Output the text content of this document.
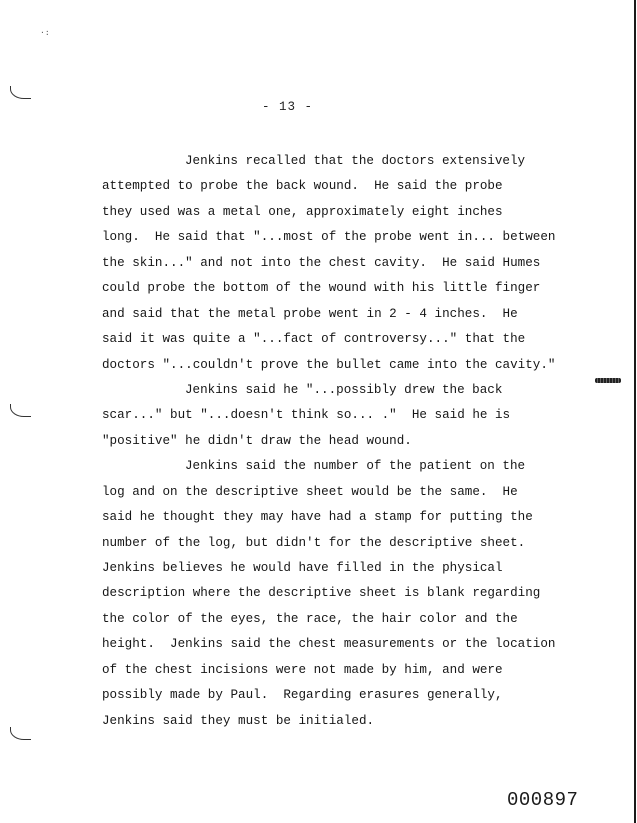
·:
- 13 -
Jenkins recalled that the doctors extensively
attempted to probe the back wound.  He said the probe
they used was a metal one, approximately eight inches
long.  He said that "...most of the probe went in... between
the skin..." and not into the chest cavity.  He said Humes
could probe the bottom of the wound with his little finger
and said that the metal probe went in 2 - 4 inches.  He
said it was quite a "...fact of controversy..." that the
doctors "...couldn't prove the bullet came into the cavity."
Jenkins said he "...possibly drew the back
scar..." but "...doesn't think so... ."  He said he is
"positive" he didn't draw the head wound.
Jenkins said the number of the patient on the
log and on the descriptive sheet would be the same.  He
said he thought they may have had a stamp for putting the
number of the log, but didn't for the descriptive sheet.
Jenkins believes he would have filled in the physical
description where the descriptive sheet is blank regarding
the color of the eyes, the race, the hair color and the
height.  Jenkins said the chest measurements or the location
of the chest incisions were not made by him, and were
possibly made by Paul.  Regarding erasures generally,
Jenkins said they must be initialed.
000897
